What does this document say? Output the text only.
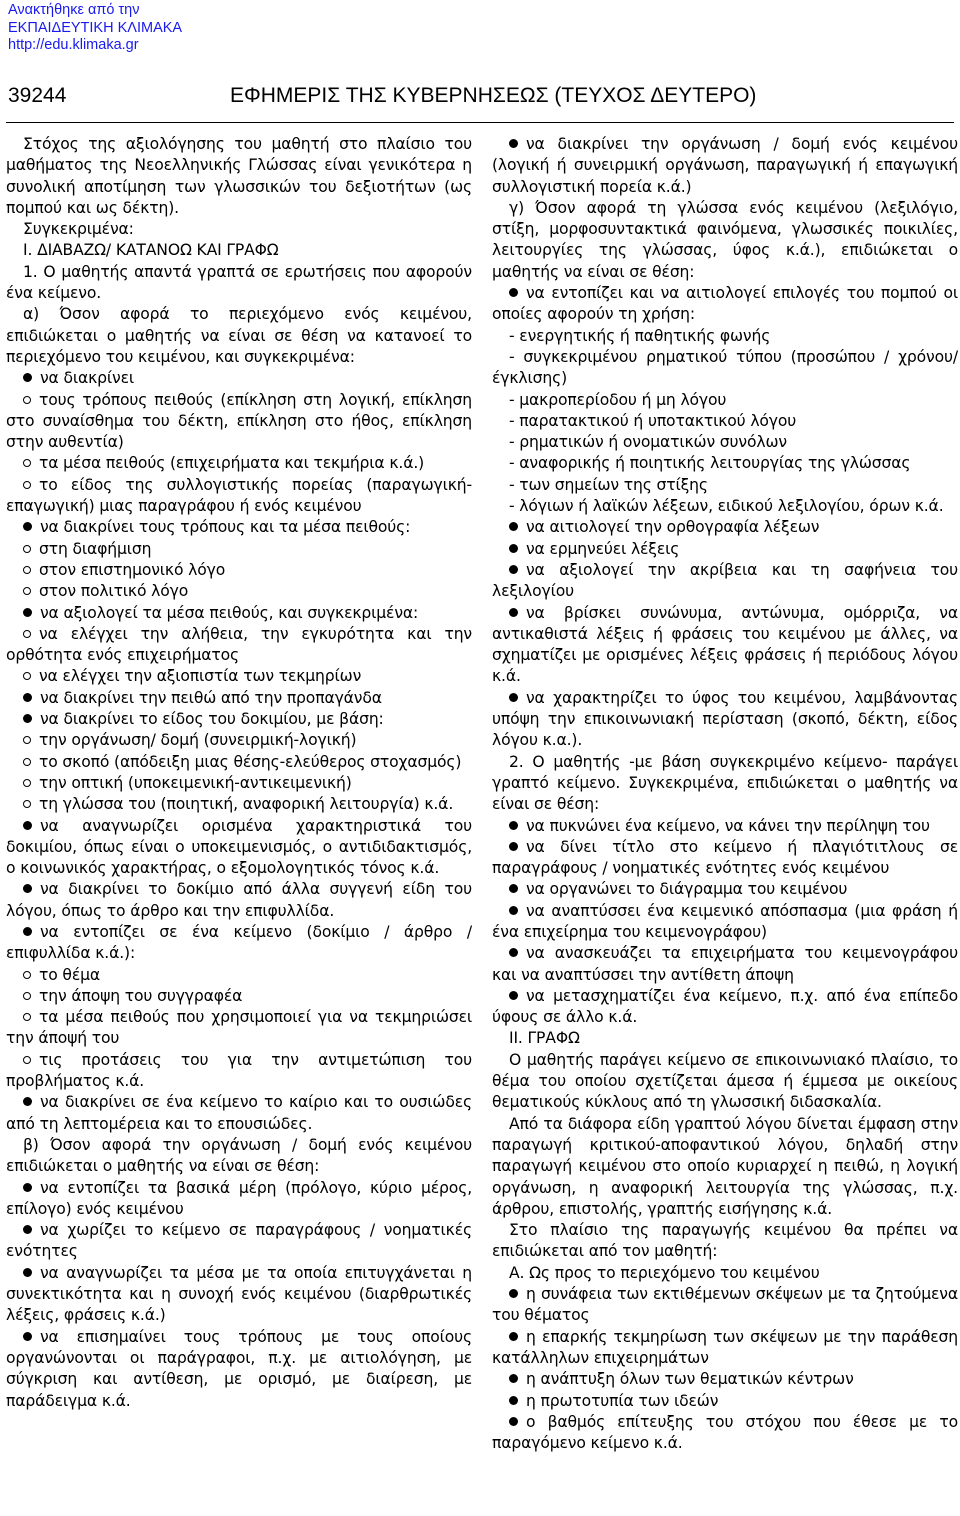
Ανακτήθηκε από την
ΕΚΠΑΙΔΕΥΤΙΚΗ ΚΛΙΜΑΚΑ
http://edu.klimaka.gr
39244	ΕΦΗΜΕΡΙΣ ΤΗΣ ΚΥΒΕΡΝΗΣΕΩΣ (ΤΕΥΧΟΣ ΔΕΥΤΕΡΟ)

Στόχος της αξιολόγησης του μαθητή στο πλαίσιο του μαθήματος της Νεοελληνικής Γλώσσας είναι γενικότερα η συνολική αποτίμηση των γλωσσικών του δεξιοτήτων (ως πομπού και ως δέκτη).

Συγκεκριμένα:

Ι. ΔΙΑΒΑΖΩ/ ΚΑΤΑΝΟΩ ΚΑΙ ΓΡΑΦΩ

1. Ο μαθητής απαντά γραπτά σε ερωτήσεις που αφορούν ένα κείμενο.

α) Όσον αφορά το περιεχόμενο ενός κειμένου, επιδιώκεται ο μαθητής να είναι σε θέση να κατανοεί το περιεχόμενο του κειμένου, και συγκεκριμένα:

να διακρίνει

τους τρόπους πειθούς (επίκληση στη λογική, επίκληση στο συναίσθημα του δέκτη, επίκληση στο ήθος, επίκληση στην αυθεντία)

τα μέσα πειθούς (επιχειρήματα και τεκμήρια κ.ά.)

το είδος της συλλογιστικής πορείας (παραγωγική-επαγωγική) μιας παραγράφου ή ενός κειμένου

να διακρίνει τους τρόπους και τα μέσα πειθούς:

στη διαφήμιση

στον επιστημονικό λόγο

στον πολιτικό λόγο

να αξιολογεί τα μέσα πειθούς, και συγκεκριμένα:

να ελέγχει την αλήθεια, την εγκυρότητα και την ορθότητα ενός επιχειρήματος

να ελέγχει την αξιοπιστία των τεκμηρίων

να διακρίνει την πειθώ από την προπαγάνδα

να διακρίνει το είδος του δοκιμίου, με βάση:

την οργάνωση/ δομή (συνειρμική-λογική)

το σκοπό (απόδειξη μιας θέσης-ελεύθερος στοχασμός)

την οπτική (υποκειμενική-αντικειμενική)

τη γλώσσα του (ποιητική, αναφορική λειτουργία) κ.ά.

να αναγνωρίζει ορισμένα χαρακτηριστικά του δοκιμίου, όπως είναι ο υποκειμενισμός, ο αντιδιδακτισμός, ο κοινωνικός χαρακτήρας, ο εξομολογητικός τόνος κ.ά.

να διακρίνει το δοκίμιο από άλλα συγγενή είδη του λόγου, όπως το άρθρο και την επιφυλλίδα.

να εντοπίζει σε ένα κείμενο (δοκίμιο / άρθρο / επιφυλλίδα κ.ά.):

το θέμα

την άποψη του συγγραφέα

τα μέσα πειθούς που χρησιμοποιεί για να τεκμηριώσει την άποψή του

τις προτάσεις του για την αντιμετώπιση του προβλήματος κ.ά.

να διακρίνει σε ένα κείμενο το καίριο και το ουσιώδες από τη λεπτομέρεια και το επουσιώδες.

β) Όσον αφορά την οργάνωση / δομή ενός κειμένου επιδιώκεται ο μαθητής να είναι σε θέση:

να εντοπίζει τα βασικά μέρη (πρόλογο, κύριο μέρος, επίλογο) ενός κειμένου

να χωρίζει το κείμενο σε παραγράφους / νοηματικές ενότητες

να αναγνωρίζει τα μέσα με τα οποία επιτυγχάνεται η συνεκτικότητα και η συνοχή ενός κειμένου (διαρθρωτικές λέξεις, φράσεις κ.ά.)

να επισημαίνει τους τρόπους με τους οποίους οργανώνονται οι παράγραφοι, π.χ. με αιτιολόγηση, με σύγκριση και αντίθεση, με ορισμό, με διαίρεση, με παράδειγμα κ.ά.

να διακρίνει την οργάνωση / δομή ενός κειμένου (λογική ή συνειρμική οργάνωση, παραγωγική ή επαγωγική συλλογιστική πορεία κ.ά.)

γ) Όσον αφορά τη γλώσσα ενός κειμένου (λεξιλόγιο, στίξη, μορφοσυντακτικά φαινόμενα, γλωσσικές ποικιλίες, λειτουργίες της γλώσσας, ύφος κ.ά.), επιδιώκεται ο μαθητής να είναι σε θέση:

να εντοπίζει και να αιτιολογεί επιλογές του πομπού οι οποίες αφορούν τη χρήση:

- ενεργητικής ή παθητικής φωνής

- συγκεκριμένου ρηματικού τύπου (προσώπου / χρόνου/ έγκλισης)

- μακροπερίοδου ή μη λόγου

- παρατακτικού ή υποτακτικού λόγου

- ρηματικών ή ονοματικών συνόλων

- αναφορικής ή ποιητικής λειτουργίας της γλώσσας

- των σημείων της στίξης

- λόγιων ή λαϊκών λέξεων, ειδικού λεξιλογίου, όρων κ.ά.

να αιτιολογεί την ορθογραφία λέξεων

να ερμηνεύει λέξεις

να αξιολογεί την ακρίβεια και τη σαφήνεια του λεξιλογίου

να βρίσκει συνώνυμα, αντώνυμα, ομόρριζα, να αντικαθιστά λέξεις ή φράσεις του κειμένου με άλλες, να σχηματίζει με ορισμένες λέξεις φράσεις ή περιόδους λόγου κ.ά.

να χαρακτηρίζει το ύφος του κειμένου, λαμβάνοντας υπόψη την επικοινωνιακή περίσταση (σκοπό, δέκτη, είδος λόγου κ.α.).

2. Ο μαθητής -με βάση συγκεκριμένο κείμενο- παράγει γραπτό κείμενο. Συγκεκριμένα, επιδιώκεται ο μαθητής να είναι σε θέση:

να πυκνώνει ένα κείμενο, να κάνει την περίληψη του

να δίνει τίτλο στο κείμενο ή πλαγιότιτλους σε παραγράφους / νοηματικές ενότητες ενός κειμένου

να οργανώνει το διάγραμμα του κειμένου

να αναπτύσσει ένα κειμενικό απόσπασμα (μια φράση ή ένα επιχείρημα του κειμενογράφου)

να ανασκευάζει τα επιχειρήματα του κειμενογράφου και να αναπτύσσει την αντίθετη άποψη

να μετασχηματίζει ένα κείμενο, π.χ. από ένα επίπεδο ύφους σε άλλο κ.ά.

ΙΙ. ΓΡΑΦΩ

Ο μαθητής παράγει κείμενο σε επικοινωνιακό πλαίσιο, το θέμα του οποίου σχετίζεται άμεσα ή έμμεσα με οικείους θεματικούς κύκλους από τη γλωσσική διδασκαλία.

Από τα διάφορα είδη γραπτού λόγου δίνεται έμφαση στην παραγωγή κριτικού-αποφαντικού λόγου, δηλαδή στην παραγωγή κειμένου στο οποίο κυριαρχεί η πειθώ, η λογική οργάνωση, η αναφορική λειτουργία της γλώσσας, π.χ. άρθρου, επιστολής, γραπτής εισήγησης κ.ά.

Στο πλαίσιο της παραγωγής κειμένου θα πρέπει να επιδιώκεται από τον μαθητή:

Α. Ως προς το περιεχόμενο του κειμένου

η συνάφεια των εκτιθέμενων σκέψεων με τα ζητούμενα του θέματος

η επαρκής τεκμηρίωση των σκέψεων με την παράθεση κατάλληλων επιχειρημάτων

η ανάπτυξη όλων των θεματικών κέντρων

η πρωτοτυπία των ιδεών

ο βαθμός επίτευξης του στόχου που έθεσε με το παραγόμενο κείμενο κ.ά.
